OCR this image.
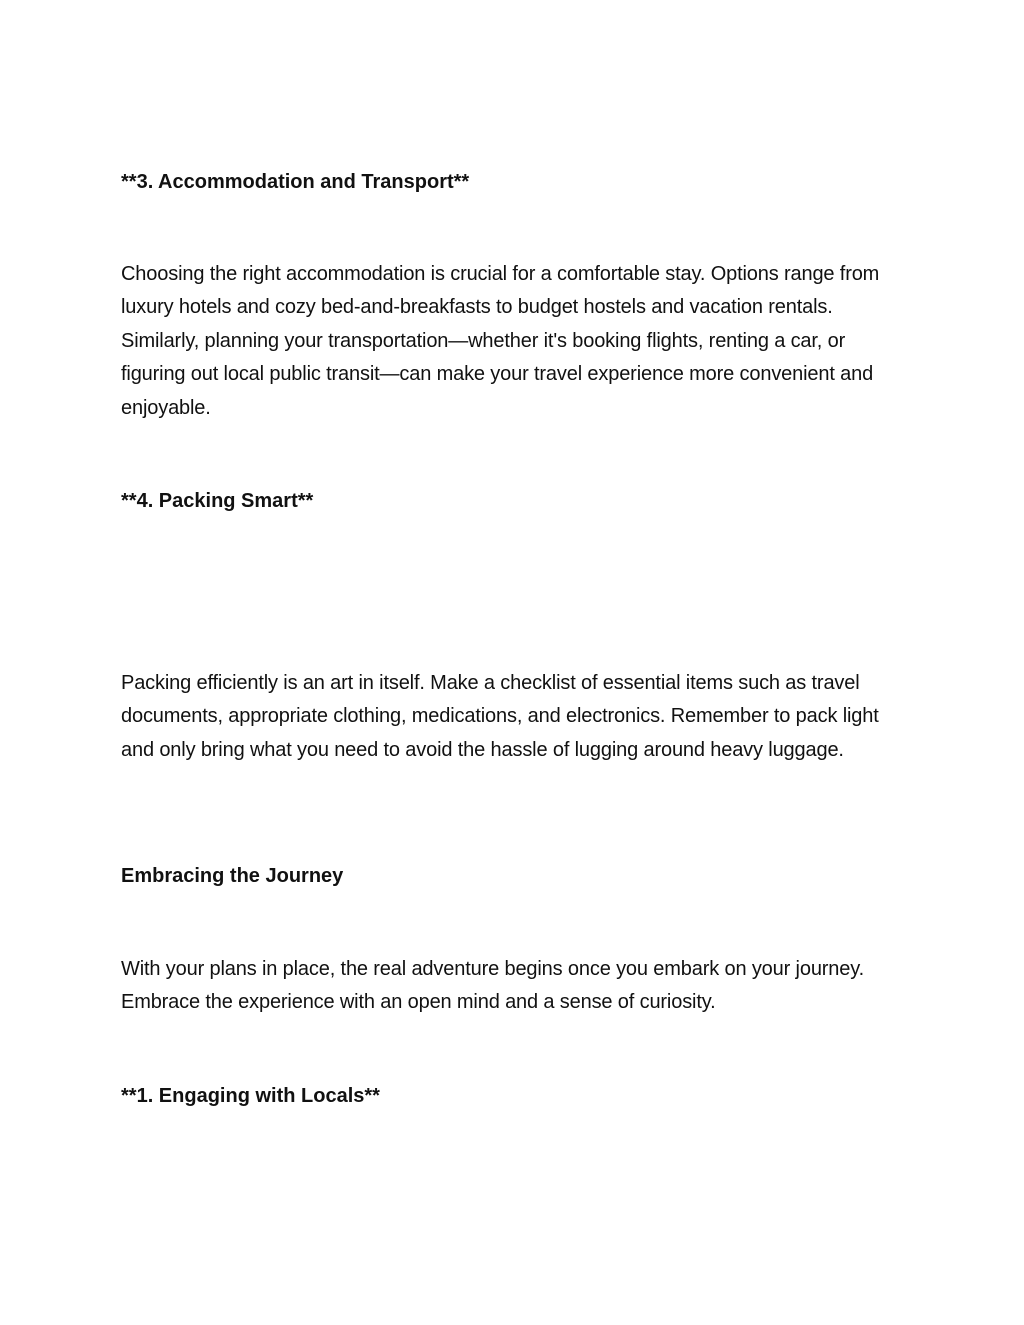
**3. Accommodation and Transport**

Choosing the right accommodation is crucial for a comfortable stay. Options range from luxury hotels and cozy bed-and-breakfasts to budget hostels and vacation rentals. Similarly, planning your transportation—whether it's booking flights, renting a car, or figuring out local public transit—can make your travel experience more convenient and enjoyable.

**4. Packing Smart**

Packing efficiently is an art in itself. Make a checklist of essential items such as travel documents, appropriate clothing, medications, and electronics. Remember to pack light and only bring what you need to avoid the hassle of lugging around heavy luggage.

Embracing the Journey

With your plans in place, the real adventure begins once you embark on your journey. Embrace the experience with an open mind and a sense of curiosity.

**1. Engaging with Locals**
